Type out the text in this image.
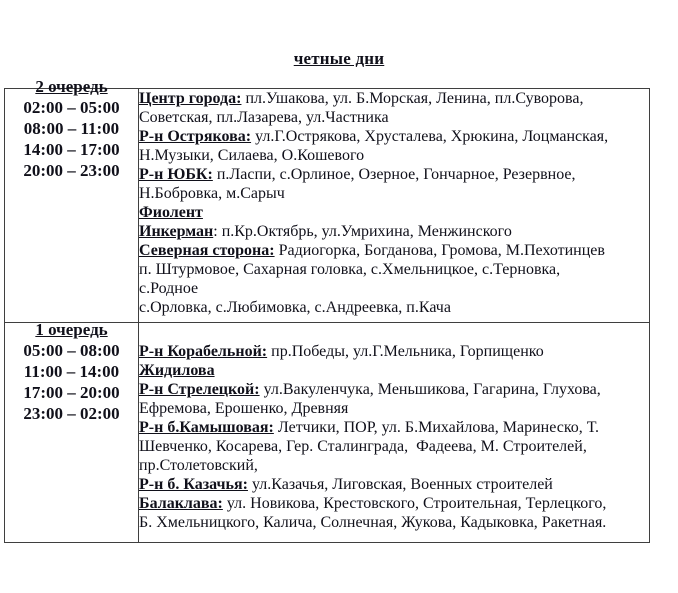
четные дни
2 очередь
02:00 – 05:00
08:00 – 11:00
14:00 – 17:00
20:00 – 23:00

Центр города: пл.Ушакова, ул. Б.Морская, Ленина, пл.Суворова,
Советская, пл.Лазарева, ул.Частника
Р-н Острякова: ул.Г.Острякова, Хрусталева, Хрюкина, Лоцманская,
Н.Музыки, Силаева, О.Кошевого
Р-н ЮБК: п.Ласпи, с.Орлиное, Озерное, Гончарное, Резервное,
Н.Бобровка, м.Сарыч
Фиолент
Инкерман: п.Кр.Октябрь, ул.Умрихина, Менжинского
Северная сторона: Радиогорка, Богданова, Громова, М.Пехотинцев
п. Штурмовое, Сахарная головка, с.Хмельницкое, с.Терновка,
с.Родное
с.Орловка, с.Любимовка, с.Андреевка, п.Кача

1 очередь
05:00 – 08:00
11:00 – 14:00
17:00 – 20:00
23:00 – 02:00

Р-н Корабельной: пр.Победы, ул.Г.Мельника, Горпищенко
Жидилова
Р-н Стрелецкой: ул.Вакуленчука, Меньшикова, Гагарина, Глухова,
Ефремова, Ерошенко, Древняя
Р-н б.Камышовая: Летчики, ПОР, ул. Б.Михайлова, Маринеско, Т.
Шевченко, Косарева, Гер. Сталинграда,  Фадеева, М. Строителей,
пр.Столетовский,
Р-н б. Казачья: ул.Казачья, Лиговская, Военных строителей
Балаклава: ул. Новикова, Крестовского, Строительная, Терлецкого,
Б. Хмельницкого, Калича, Солнечная, Жукова, Кадыковка, Ракетная.
